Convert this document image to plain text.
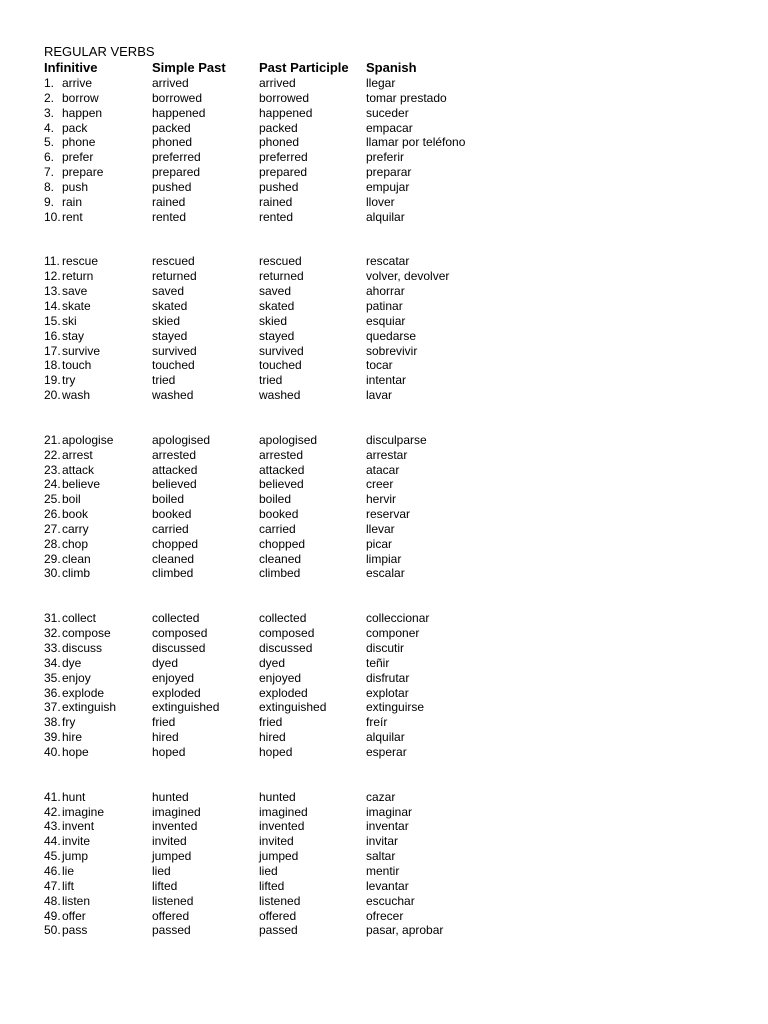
REGULAR VERBS
Infinitive	Simple Past	Past Participle	Spanish
1. arrive	arrived	arrived	llegar
2. borrow	borrowed	borrowed	tomar prestado
3. happen	happened	happened	suceder
4. pack	packed	packed	empacar
5. phone	phoned	phoned	llamar por teléfono
6. prefer	preferred	preferred	preferir
7. prepare	prepared	prepared	preparar
8. push	pushed	pushed	empujar
9. rain	rained	rained	llover
10.rent	rented	rented	alquilar
11. rescue	rescued	rescued	rescatar
12.return	returned	returned	volver, devolver
13.save	saved	saved	ahorrar
14.skate	skated	skated	patinar
15.ski	skied	skied	esquiar
16.stay	stayed	stayed	quedarse
17.survive	survived	survived	sobrevivir
18.touch	touched	touched	tocar
19.try	tried	tried	intentar
20.wash	washed	washed	lavar
21.apologise	apologised	apologised	disculparse
22.arrest	arrested	arrested	arrestar
23.attack	attacked	attacked	atacar
24.believe	believed	believed	creer
25.boil	boiled	boiled	hervir
26.book	booked	booked	reservar
27.carry	carried	carried	llevar
28.chop	chopped	chopped	picar
29.clean	cleaned	cleaned	limpiar
30.climb	climbed	climbed	escalar
31.collect	collected	collected	colleccionar
32.compose	composed	composed	componer
33.discuss	discussed	discussed	discutir
34.dye	dyed	dyed	teñir
35.enjoy	enjoyed	enjoyed	disfrutar
36.explode	exploded	exploded	explotar
37.extinguish	extinguished	extinguished	extinguirse
38.fry	fried	fried	freír
39.hire	hired	hired	alquilar
40.hope	hoped	hoped	esperar
41.hunt	hunted	hunted	cazar
42.imagine	imagined	imagined	imaginar
43.invent	invented	invented	inventar
44.invite	invited	invited	invitar
45.jump	jumped	jumped	saltar
46.lie	lied	lied	mentir
47.lift	lifted	lifted	levantar
48.listen	listened	listened	escuchar
49.offer	offered	offered	ofrecer
50.pass	passed	passed	pasar, aprobar
